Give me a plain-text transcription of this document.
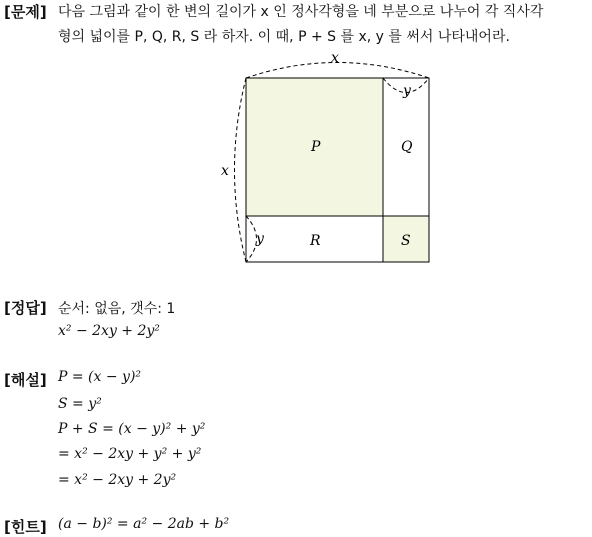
[문제] 다음 그림과 같이 한 변의 길이가 x 인 정사각형을 네 부분으로 나누어 각 직사각
형의 넓이를 P, Q, R, S 라 하자. 이 때, P + S 를 x, y 를 써서 나타내어라.
P	Q
R	S
x
x
y
y
[정답] 순서: 없음, 갯수: 1
x² − 2xy + 2y²
[해설] P = (x − y)²
S = y²
P + S = (x − y)² + y²
= x² − 2xy + y² + y²
= x² − 2xy + 2y²
[힌트] (a − b)² = a² − 2ab + b²
